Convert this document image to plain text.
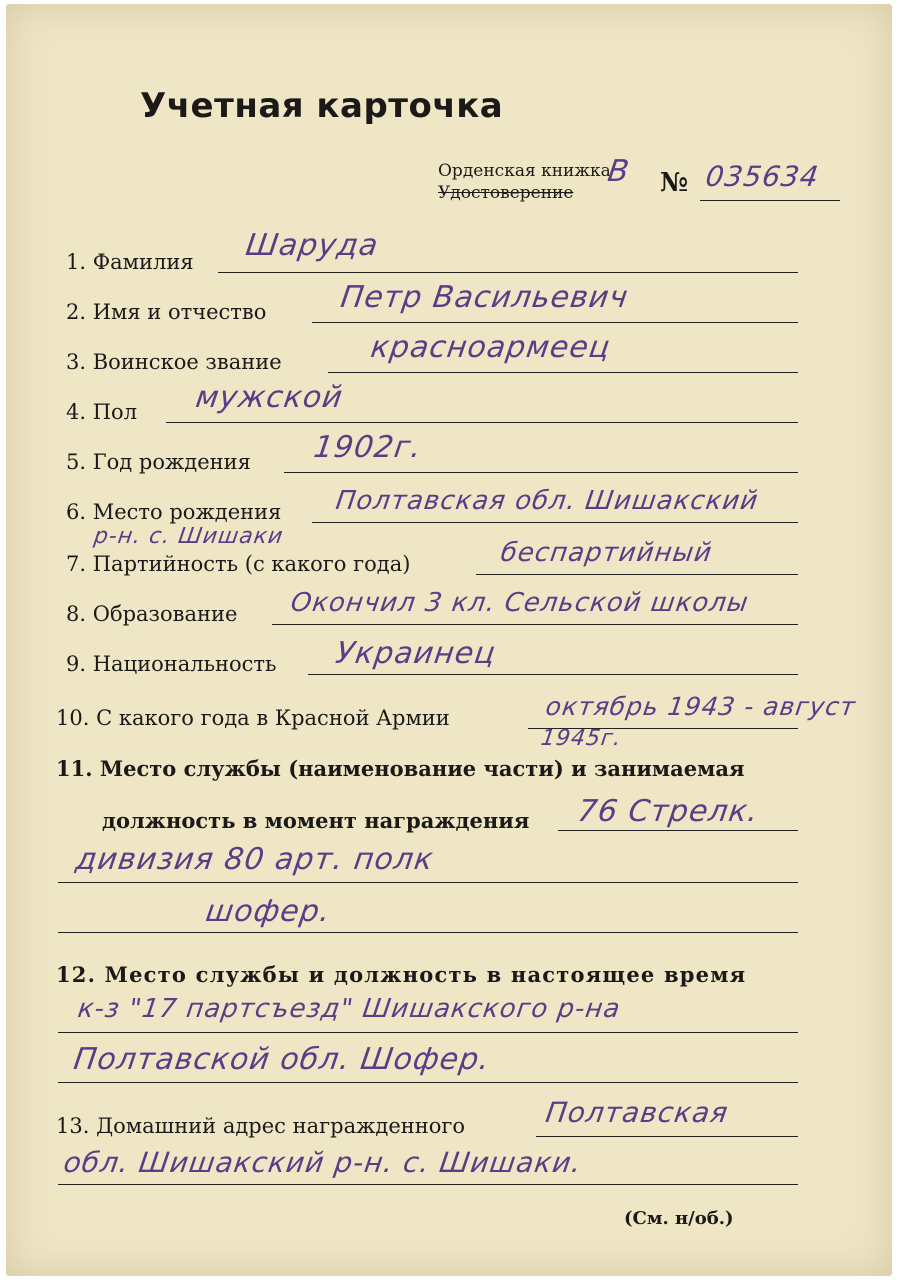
Учетная карточка
Орденская книжка
Удостоверение
В № 035634
1. Фамилия Шаруда
2. Имя и отчество Петр Васильевич
3. Воинское звание	красноармеец
4. Пол мужской
5. Год рождения 1902г.
6. Место рождения Полтавская обл. Шишакский
р-н. с. Шишаки
7. Партийность (с какого года)	беспартийный
8. Образование Окончил 3 кл. Сельской школы
9. Национальность Украинец
10. С какого года в Красной Армии	октябрь 1943 - август
1945г.
11. Место службы (наименование части) и занимаемая
должность в момент награждения 76 Стрелк.
дивизия 80 арт. полк
шофер.
12. Место службы и должность в настоящее время
к-з "17 партсъезд" Шишакского р-на
Полтавской обл. Шофер.
13. Домашний адрес награжденного	Полтавская
обл. Шишакский р-н. с. Шишаки.
(См. н/об.)
